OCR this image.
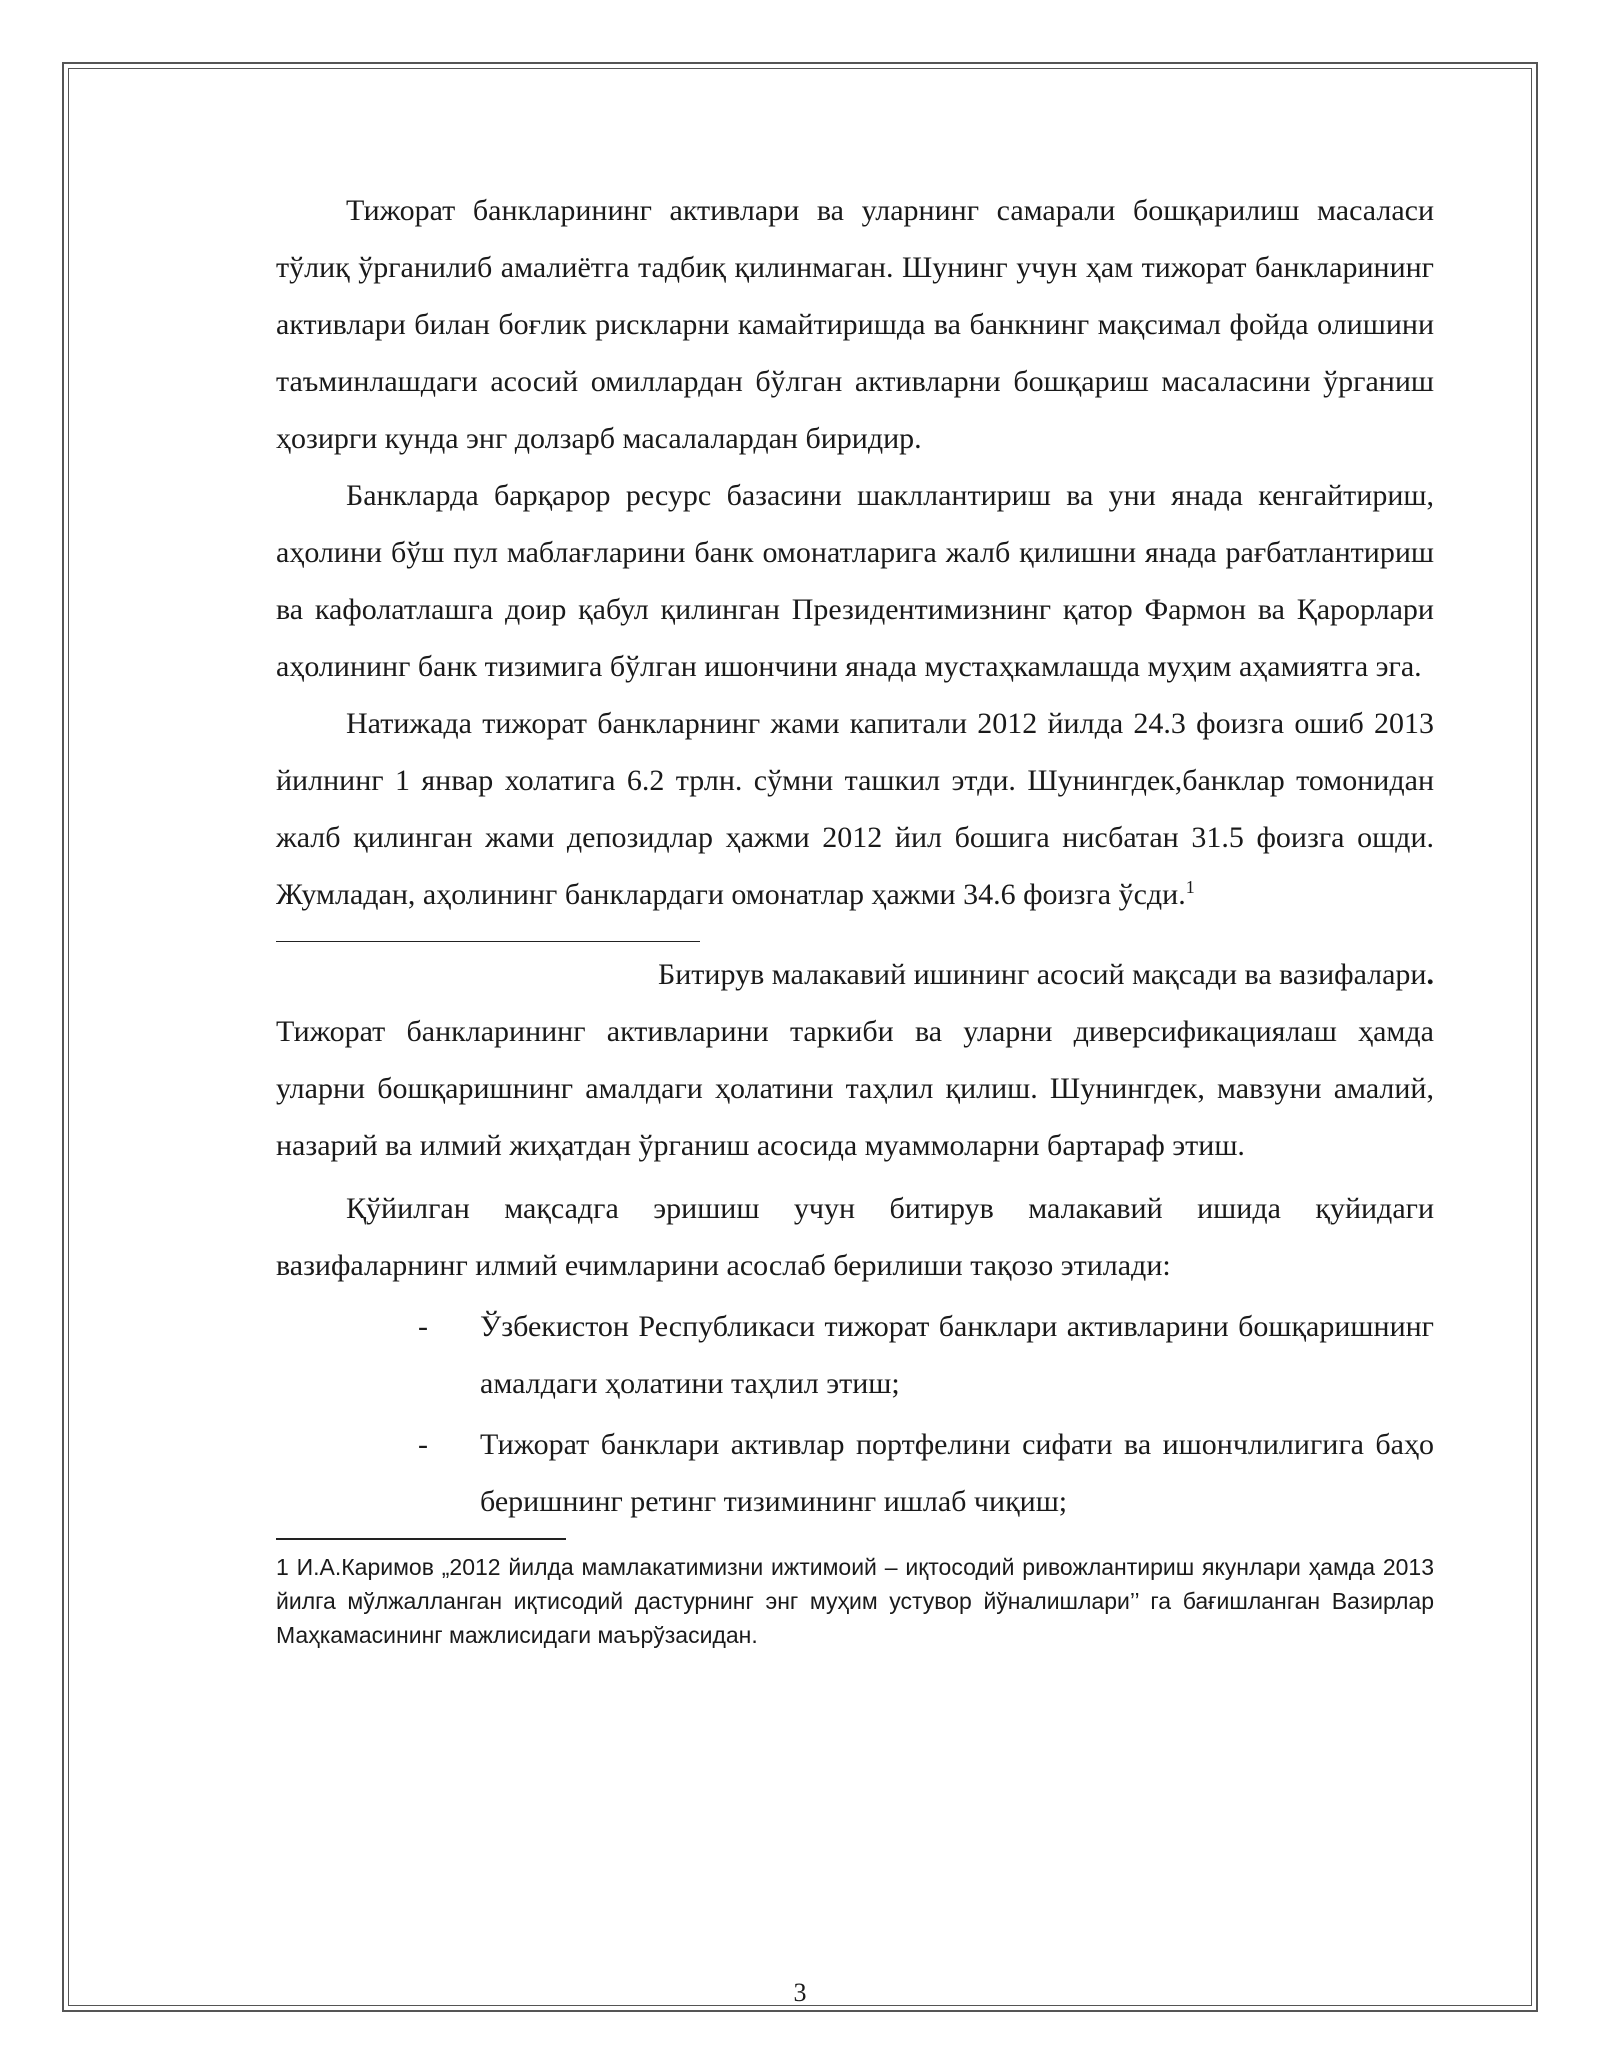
Тижорат банкларининг активлари ва уларнинг самарали бошқарилиш масаласи тўлиқ ўрганилиб амалиётга тадбиқ қилинмаган. Шунинг учун ҳам тижорат банкларининг активлари билан боғлик рискларни камайтиришда ва банкнинг мақсимал фойда олишини таъминлашдаги асосий омиллардан бўлган активларни бошқариш масаласини ўрганиш ҳозирги кунда энг долзарб масалалардан биридир.

Банкларда барқарор ресурс базасини шакллантириш ва уни янада кенгайтириш, аҳолини бўш пул маблағларини банк омонатларига жалб қилишни янада рағбатлантириш ва кафолатлашга доир қабул қилинган Президентимизнинг қатор Фармон ва Қарорлари аҳолининг банк тизимига бўлган ишончини янада мустаҳкамлашда муҳим аҳамиятга эга.

Натижада тижорат банкларнинг жами капитали 2012 йилда 24.3 фоизга ошиб 2013 йилнинг 1 январ холатига 6.2 трлн. сўмни ташкил этди. Шунингдек,банклар томонидан жалб қилинган жами депозидлар ҳажми 2012 йил бошига нисбатан 31.5 фоизга ошди. Жумладан, аҳолининг банклардаги омонатлар ҳажми 34.6 фоизга ўсди.$^1$

Битирув малакавий ишининг асосий мақсади ва вазифалари.

Тижорат банкларининг активларини таркиби ва уларни диверсификациялаш ҳамда уларни бошқаришнинг амалдаги ҳолатини таҳлил қилиш. Шунингдек, мавзуни амалий, назарий ва илмий жиҳатдан ўрганиш асосида муаммоларни бартараф этиш.

Қўйилган мақсадга эришиш учун битирув малакавий ишида қуйидаги вазифаларнинг илмий ечимларини асослаб берилиши тақозо этилади:

- Ўзбекистон Республикаси тижорат банклари активларини бошқаришнинг амалдаги ҳолатини таҳлил этиш;
- Тижорат банклари активлар портфелини сифати ва ишончлилигига баҳо беришнинг ретинг тизимининг ишлаб чиқиш;
1 И.А.Каримов „2012 йилда мамлакатимизни ижтимоий – иқтосодий ривожлантириш якунлари ҳамда 2013 йилга мўлжалланган иқтисодий дастурнинг энг муҳим устувор йўналишлари’’ га бағишланган Вазирлар Маҳкамасининг мажлисидаги маърўзасидан.
3
